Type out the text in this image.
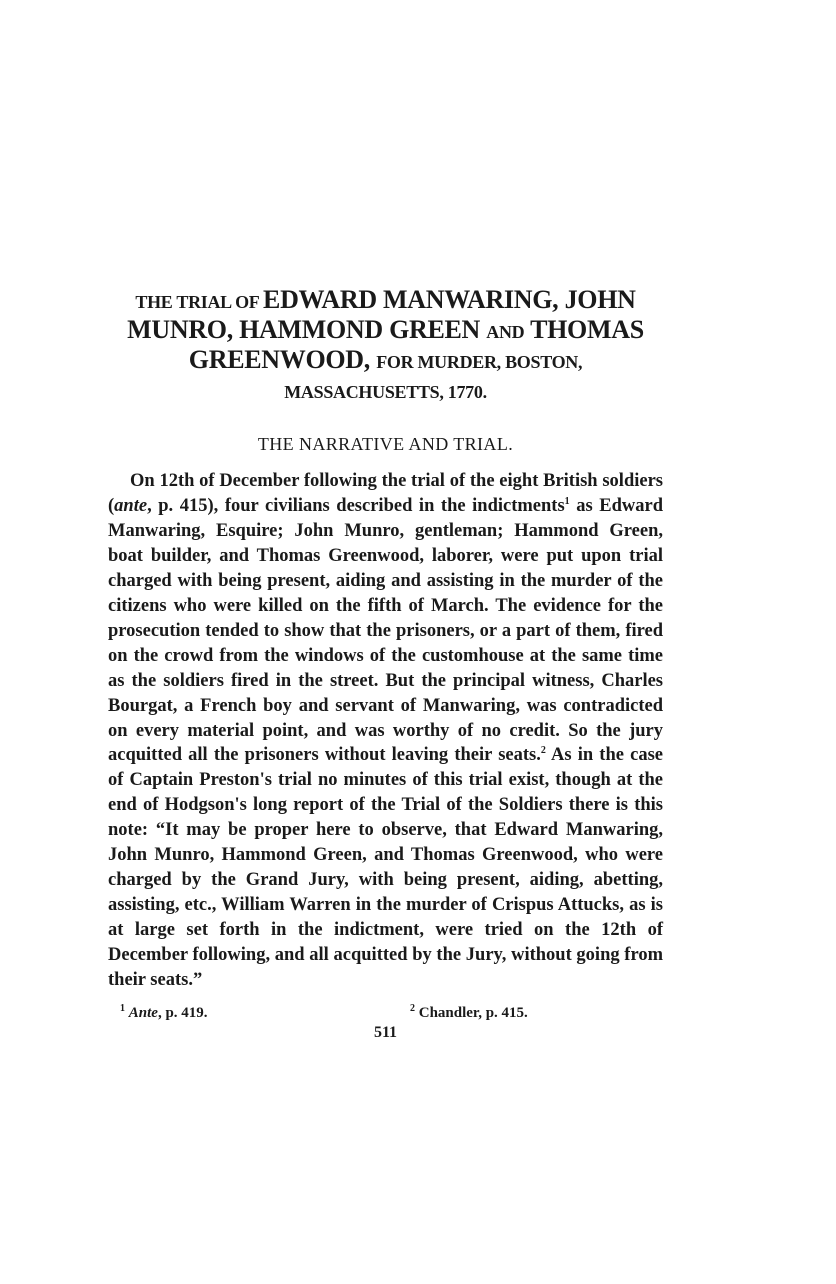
THE TRIAL OF EDWARD MANWARING, JOHN
MUNRO, HAMMOND GREEN AND THOMAS
GREENWOOD, FOR MURDER, BOSTON,
MASSACHUSETTS, 1770.
THE NARRATIVE AND TRIAL.

On 12th of December following the trial of the eight British soldiers (ante, p. 415), four civilians described in the indictments$^1$ as Edward Manwaring, Esquire; John Munro, gentleman; Hammond Green, boat builder, and Thomas Greenwood, laborer, were put upon trial charged with being present, aiding and assisting in the murder of the citizens who were killed on the fifth of March. The evidence for the prosecution tended to show that the prisoners, or a part of them, fired on the crowd from the windows of the customhouse at the same time as the soldiers fired in the street. But the principal witness, Charles Bourgat, a French boy and servant of Manwaring, was contradicted on every material point, and was worthy of no credit. So the jury acquitted all the prisoners without leaving their seats.$^2$ As in the case of Captain Preston's trial no minutes of this trial exist, though at the end of Hodgson's long report of the Trial of the Soldiers there is this note: “It may be proper here to observe, that Edward Manwaring, John Munro, Hammond Green, and Thomas Greenwood, who were charged by the Grand Jury, with being present, aiding, abetting, assisting, etc., William Warren in the murder of Crispus Attucks, as is at large set forth in the indictment, were tried on the 12th of December following, and all acquitted by the Jury, without going from their seats.”

$^1$ Ante, p. 419.	$^2$ Chandler, p. 415.
511
